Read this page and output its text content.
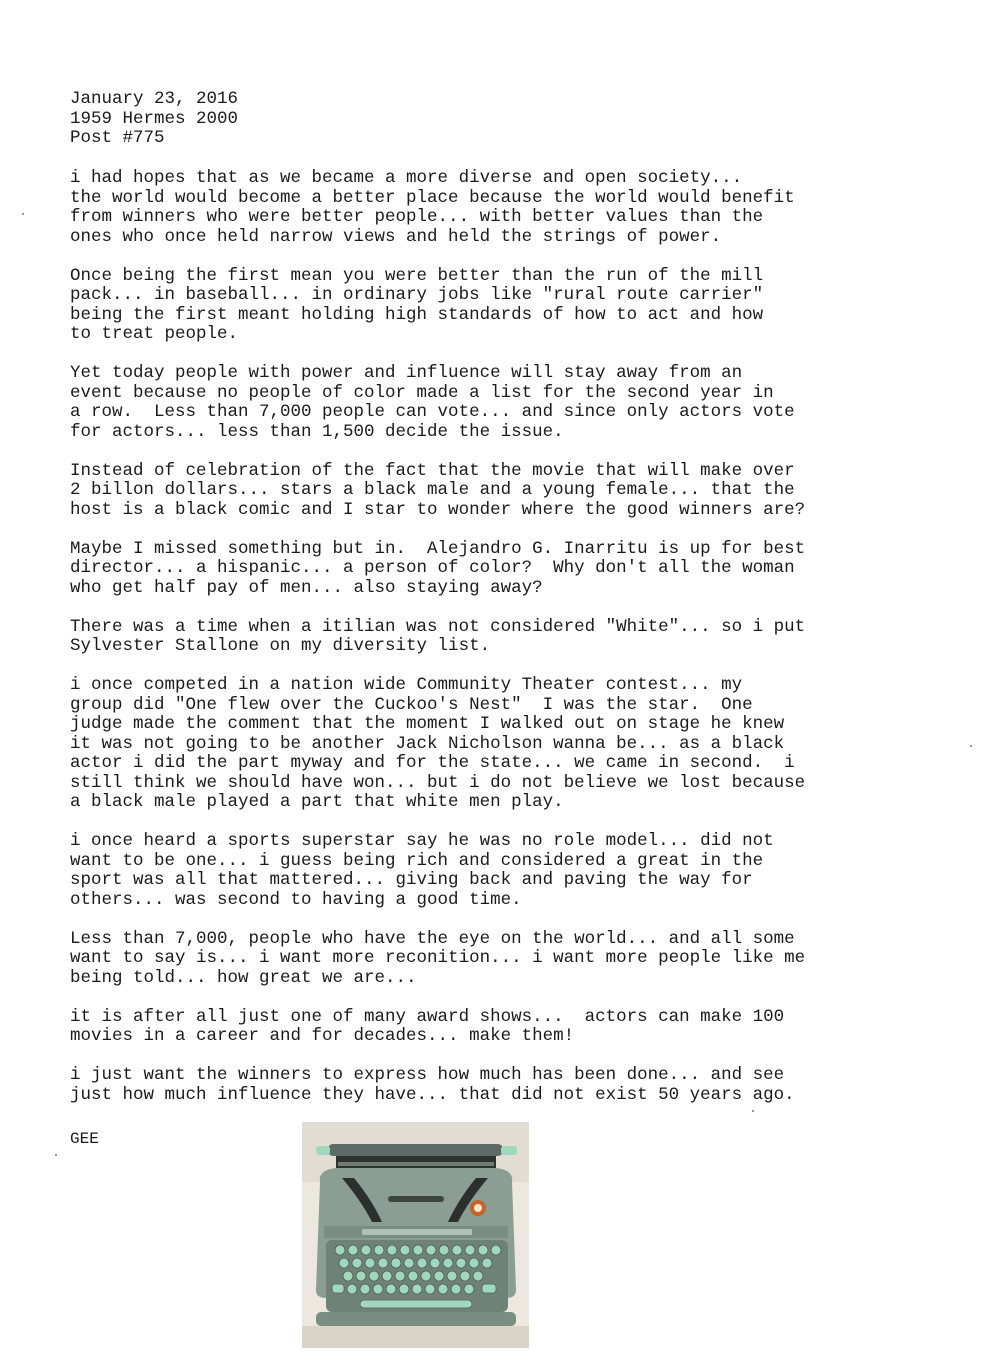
January 23, 2016
1959 Hermes 2000
Post #775
i had hopes that as we became a more diverse and open society...
the world would become a better place because the world would benefit
from winners who were better people... with better values than the
ones who once held narrow views and held the strings of power.
Once being the first mean you were better than the run of the mill
pack... in baseball... in ordinary jobs like "rural route carrier"
being the first meant holding high standards of how to act and how
to treat people.
Yet today people with power and influence will stay away from an
event because no people of color made a list for the second year in
a row.  Less than 7,000 people can vote... and since only actors vote
for actors... less than 1,500 decide the issue.
Instead of celebration of the fact that the movie that will make over
2 billon dollars... stars a black male and a young female... that the
host is a black comic and I star to wonder where the good winners are?
Maybe I missed something but in.  Alejandro G. Inarritu is up for best
director... a hispanic... a person of color?  Why don't all the woman
who get half pay of men... also staying away?
There was a time when a itilian was not considered "White"... so i put
Sylvester Stallone on my diversity list.
i once competed in a nation wide Community Theater contest... my
group did "One flew over the Cuckoo's Nest"  I was the star.  One
judge made the comment that the moment I walked out on stage he knew
it was not going to be another Jack Nicholson wanna be... as a black
actor i did the part myway and for the state... we came in second.  i
still think we should have won... but i do not believe we lost because
a black male played a part that white men play.
i once heard a sports superstar say he was no role model... did not
want to be one... i guess being rich and considered a great in the
sport was all that mattered... giving back and paving the way for
others... was second to having a good time.
Less than 7,000, people who have the eye on the world... and all some
want to say is... i want more reconition... i want more people like me
being told... how great we are...
it is after all just one of many award shows...  actors can make 100
movies in a career and for decades... make them!
i just want the winners to express how much has been done... and see
just how much influence they have... that did not exist 50 years ago.
GEE
